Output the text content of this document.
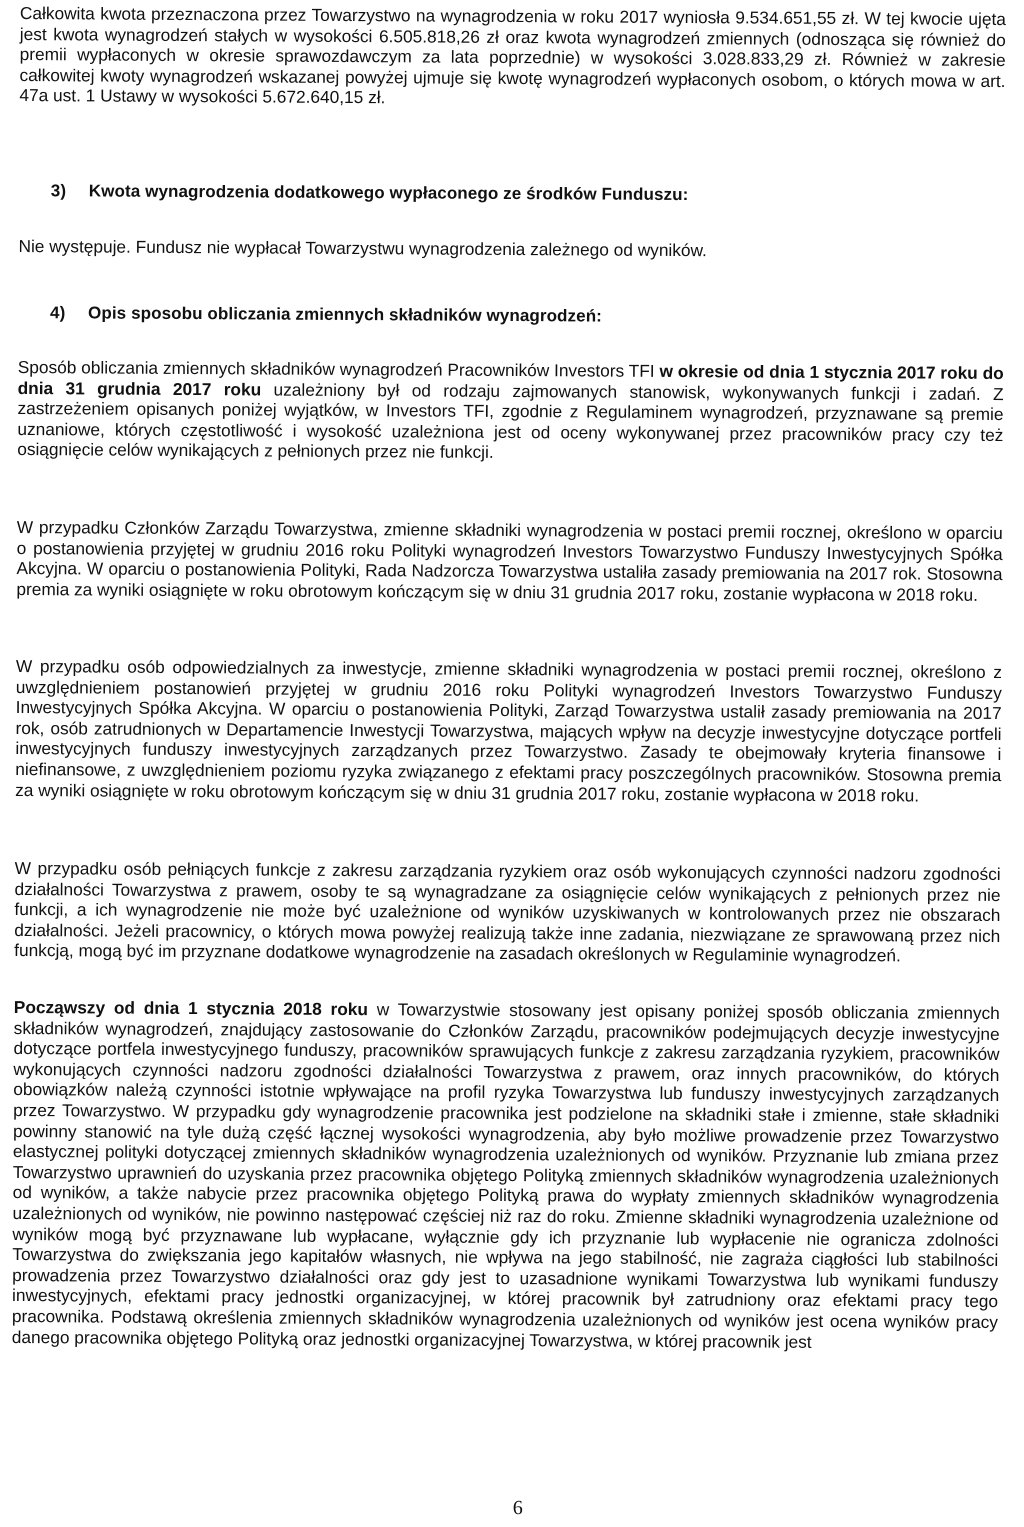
Całkowita kwota przeznaczona przez Towarzystwo na wynagrodzenia w roku 2017 wyniosła 9.534.651,55 zł. W tej kwocie ujęta jest kwota wynagrodzeń stałych w wysokości 6.505.818,26 zł oraz kwota wynagrodzeń zmiennych (odnosząca się również do premii wypłaconych w okresie sprawozdawczym za lata poprzednie) w wysokości 3.028.833,29 zł. Również w zakresie całkowitej kwoty wynagrodzeń wskazanej powyżej ujmuje się kwotę wynagrodzeń wypłaconych osobom, o których mowa w art. 47a ust. 1 Ustawy w wysokości 5.672.640,15 zł.

3) Kwota wynagrodzenia dodatkowego wypłaconego ze środków Funduszu:

Nie występuje. Fundusz nie wypłacał Towarzystwu wynagrodzenia zależnego od wyników.

4) Opis sposobu obliczania zmiennych składników wynagrodzeń:

Sposób obliczania zmiennych składników wynagrodzeń Pracowników Investors TFI w okresie od dnia 1 stycznia 2017 roku do dnia 31 grudnia 2017 roku uzależniony był od rodzaju zajmowanych stanowisk, wykonywanych funkcji i zadań. Z zastrzeżeniem opisanych poniżej wyjątków, w Investors TFI, zgodnie z Regulaminem wynagrodzeń, przyznawane są premie uznaniowe, których częstotliwość i wysokość uzależniona jest od oceny wykonywanej przez pracowników pracy czy też osiągnięcie celów wynikających z pełnionych przez nie funkcji.

W przypadku Członków Zarządu Towarzystwa, zmienne składniki wynagrodzenia w postaci premii rocznej, określono w oparciu o postanowienia przyjętej w grudniu 2016 roku Polityki wynagrodzeń Investors Towarzystwo Funduszy Inwestycyjnych Spółka Akcyjna. W oparciu o postanowienia Polityki, Rada Nadzorcza Towarzystwa ustaliła zasady premiowania na 2017 rok. Stosowna premia za wyniki osiągnięte w roku obrotowym kończącym się w dniu 31 grudnia 2017 roku, zostanie wypłacona w 2018 roku.

W przypadku osób odpowiedzialnych za inwestycje, zmienne składniki wynagrodzenia w postaci premii rocznej, określono z uwzględnieniem postanowień przyjętej w grudniu 2016 roku Polityki wynagrodzeń Investors Towarzystwo Funduszy Inwestycyjnych Spółka Akcyjna. W oparciu o postanowienia Polityki, Zarząd Towarzystwa ustalił zasady premiowania na 2017 rok, osób zatrudnionych w Departamencie Inwestycji Towarzystwa, mających wpływ na decyzje inwestycyjne dotyczące portfeli inwestycyjnych funduszy inwestycyjnych zarządzanych przez Towarzystwo. Zasady te obejmowały kryteria finansowe i niefinansowe, z uwzględnieniem poziomu ryzyka związanego z efektami pracy poszczególnych pracowników. Stosowna premia za wyniki osiągnięte w roku obrotowym kończącym się w dniu 31 grudnia 2017 roku, zostanie wypłacona w 2018 roku.

W przypadku osób pełniących funkcje z zakresu zarządzania ryzykiem oraz osób wykonujących czynności nadzoru zgodności działalności Towarzystwa z prawem, osoby te są wynagradzane za osiągnięcie celów wynikających z pełnionych przez nie funkcji, a ich wynagrodzenie nie może być uzależnione od wyników uzyskiwanych w kontrolowanych przez nie obszarach działalności. Jeżeli pracownicy, o których mowa powyżej realizują także inne zadania, niezwiązane ze sprawowaną przez nich funkcją, mogą być im przyznane dodatkowe wynagrodzenie na zasadach określonych w Regulaminie wynagrodzeń.

Począwszy od dnia 1 stycznia 2018 roku w Towarzystwie stosowany jest opisany poniżej sposób obliczania zmiennych składników wynagrodzeń, znajdujący zastosowanie do Członków Zarządu, pracowników podejmujących decyzje inwestycyjne dotyczące portfela inwestycyjnego funduszy, pracowników sprawujących funkcje z zakresu zarządzania ryzykiem, pracowników wykonujących czynności nadzoru zgodności działalności Towarzystwa z prawem, oraz innych pracowników, do których obowiązków należą czynności istotnie wpływające na profil ryzyka Towarzystwa lub funduszy inwestycyjnych zarządzanych przez Towarzystwo. W przypadku gdy wynagrodzenie pracownika jest podzielone na składniki stałe i zmienne, stałe składniki powinny stanowić na tyle dużą część łącznej wysokości wynagrodzenia, aby było możliwe prowadzenie przez Towarzystwo elastycznej polityki dotyczącej zmiennych składników wynagrodzenia uzależnionych od wyników. Przyznanie lub zmiana przez Towarzystwo uprawnień do uzyskania przez pracownika objętego Polityką zmiennych składników wynagrodzenia uzależnionych od wyników, a także nabycie przez pracownika objętego Polityką prawa do wypłaty zmiennych składników wynagrodzenia uzależnionych od wyników, nie powinno następować częściej niż raz do roku. Zmienne składniki wynagrodzenia uzależnione od wyników mogą być przyznawane lub wypłacane, wyłącznie gdy ich przyznanie lub wypłacenie nie ogranicza zdolności Towarzystwa do zwiększania jego kapitałów własnych, nie wpływa na jego stabilność, nie zagraża ciągłości lub stabilności prowadzenia przez Towarzystwo działalności oraz gdy jest to uzasadnione wynikami Towarzystwa lub wynikami funduszy inwestycyjnych, efektami pracy jednostki organizacyjnej, w której pracownik był zatrudniony oraz efektami pracy tego pracownika. Podstawą określenia zmiennych składników wynagrodzenia uzależnionych od wyników jest ocena wyników pracy danego pracownika objętego Polityką oraz jednostki organizacyjnej Towarzystwa, w której pracownik jest

6
